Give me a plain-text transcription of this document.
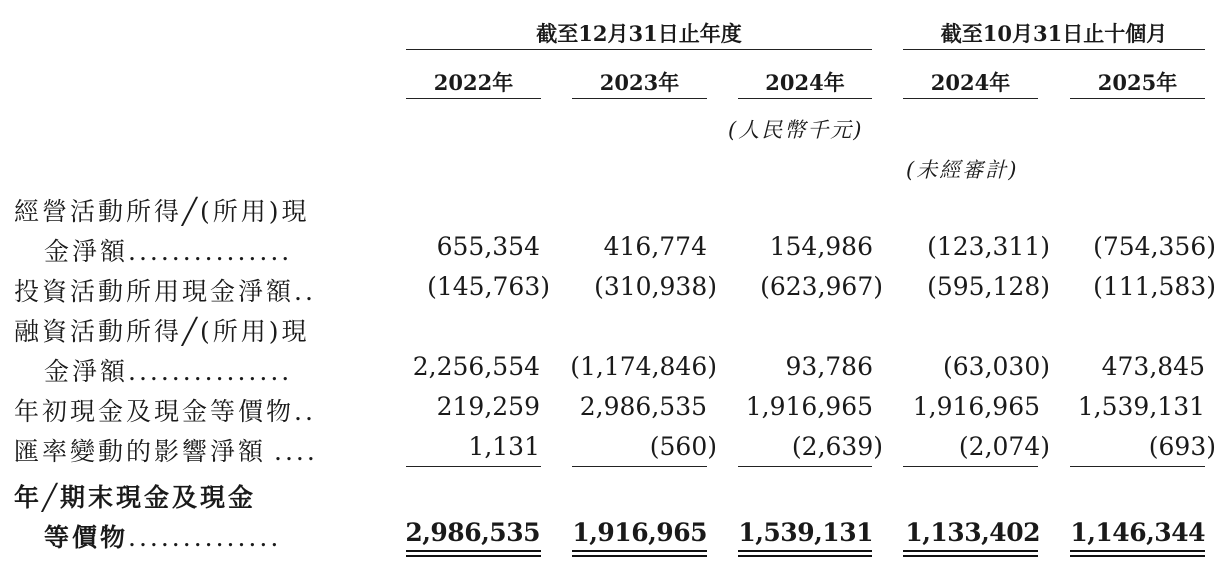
截至12月31日止年度	截至10月31日止十個月
2022年	2023年	2024年	2024年	2025年
(人民幣千元)
(未經審計)
經營活動所得╱(所用)現
金淨額...............	655,354	416,774	154,986 (123,311) (754,356)
投資活動所用現金淨額..	(145,763) (310,938) (623,967) (595,128) (111,583)
融資活動所得╱(所用)現
金淨額...............	2,256,554 (1,174,846)	93,786	(63,030) 473,845
年初現金及現金等價物..	219,259 2,986,535 1,916,965 1,916,965 1,539,131
匯率變動的影響淨額 ....	1,131	(560)	(2,639)	(2,074)	(693)
年╱期末現金及現金
等價物..............	2,986,535 1,916,965 1,539,131 1,133,402 1,146,344
